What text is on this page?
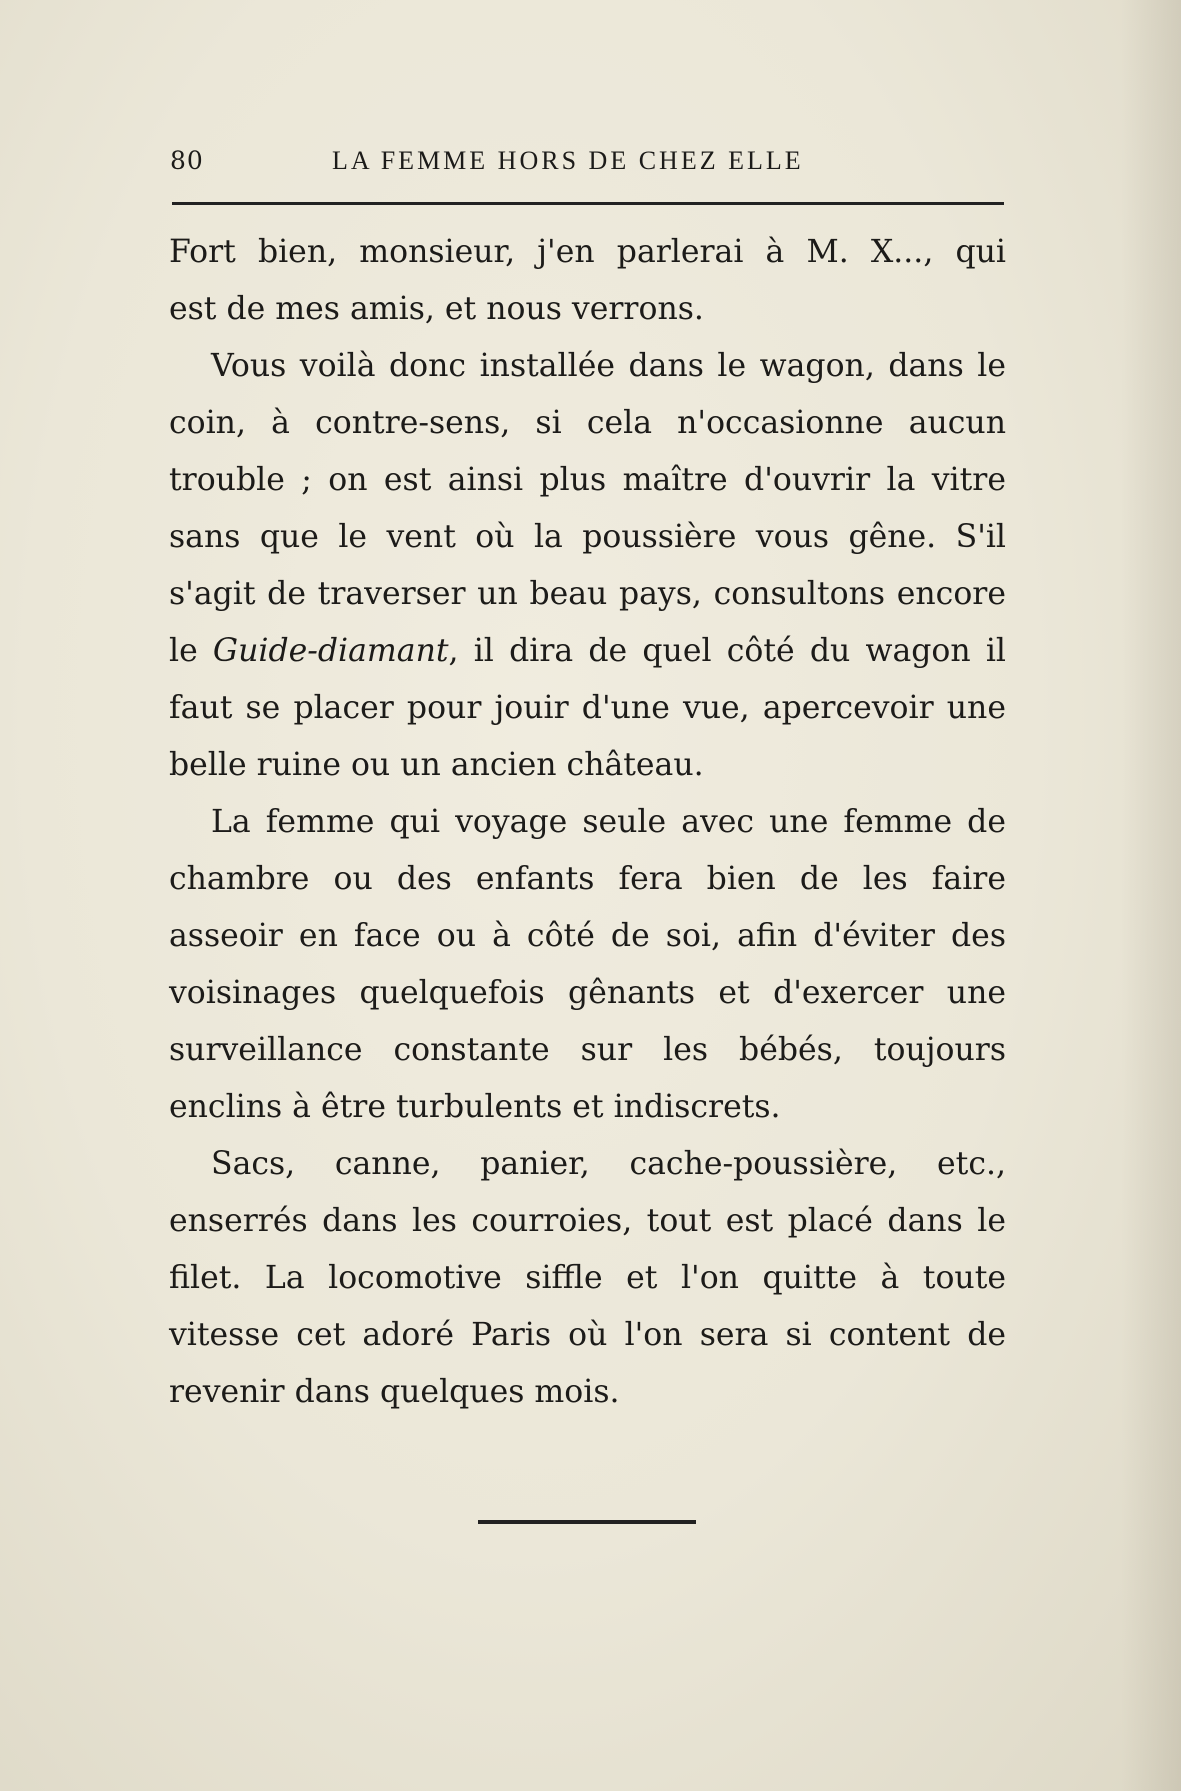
80	LA FEMME HORS DE CHEZ ELLE

Fort bien, monsieur, j'en parlerai à M. X..., qui

est de mes amis, et nous verrons.

Vous voilà donc installée dans le wagon, dans le coin, à contre-sens, si cela n'occasionne aucun trouble ; on est ainsi plus maître d'ouvrir la vitre sans que le vent où la poussière vous gêne. S'il s'agit de traverser un beau pays, consultons encore le Guide-diamant, il dira de quel côté du wagon il faut se placer pour jouir d'une vue, apercevoir une belle ruine ou un ancien château.

La femme qui voyage seule avec une femme de chambre ou des enfants fera bien de les faire asseoir en face ou à côté de soi, afin d'éviter des voisinages quelquefois gênants et d'exercer une surveillance constante sur les bébés, toujours enclins à être turbulents et indiscrets.

Sacs, canne, panier, cache-poussière, etc., enserrés dans les courroies, tout est placé dans le filet. La locomotive siffle et l'on quitte à toute vitesse cet adoré Paris où l'on sera si content de revenir dans quelques mois.
